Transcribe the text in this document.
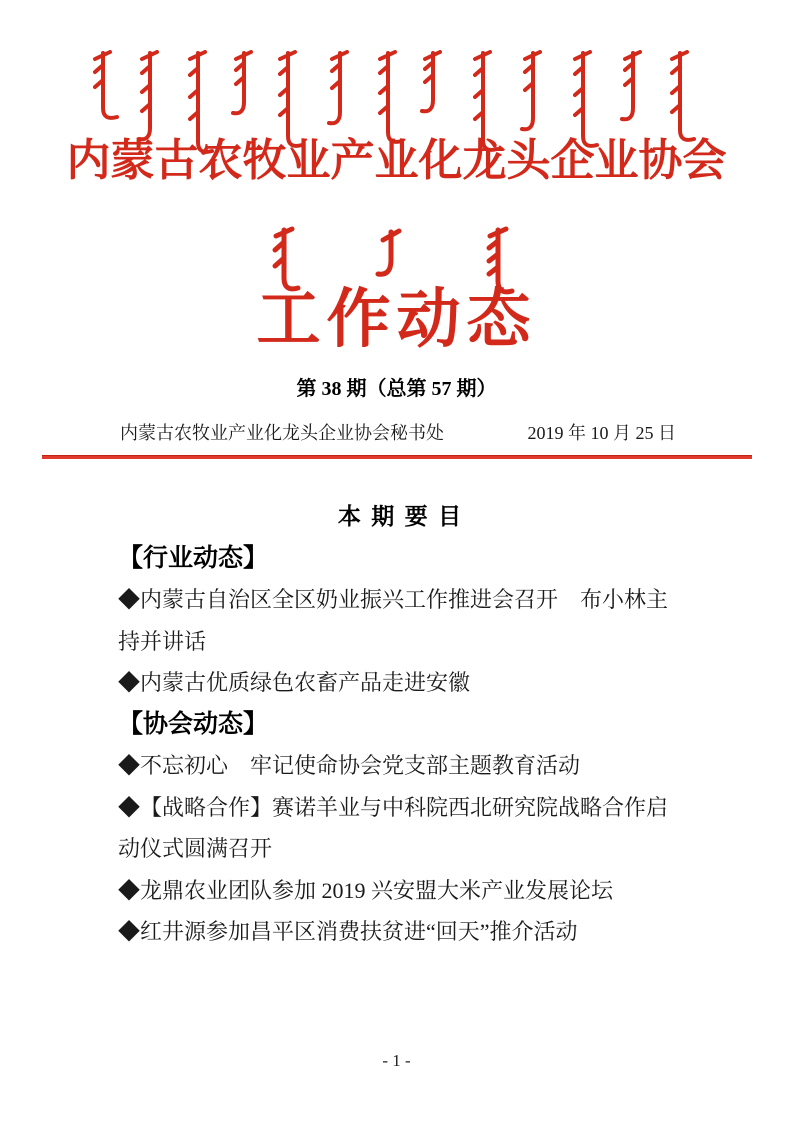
内蒙古农牧业产业化龙头企业协会
工作动态

第 38 期（总第 57 期）

内蒙古农牧业产业化龙头企业协会秘书处	2019 年 10 月 25 日

本 期 要 目

【行业动态】

◆内蒙古自治区全区奶业振兴工作推进会召开　布小林主持并讲话

◆内蒙古优质绿色农畜产品走进安徽

【协会动态】

◆不忘初心　牢记使命协会党支部主题教育活动

◆【战略合作】赛诺羊业与中科院西北研究院战略合作启动仪式圆满召开

◆龙鼎农业团队参加 2019 兴安盟大米产业发展论坛

◆红井源参加昌平区消费扶贫进“回天”推介活动

- 1 -
